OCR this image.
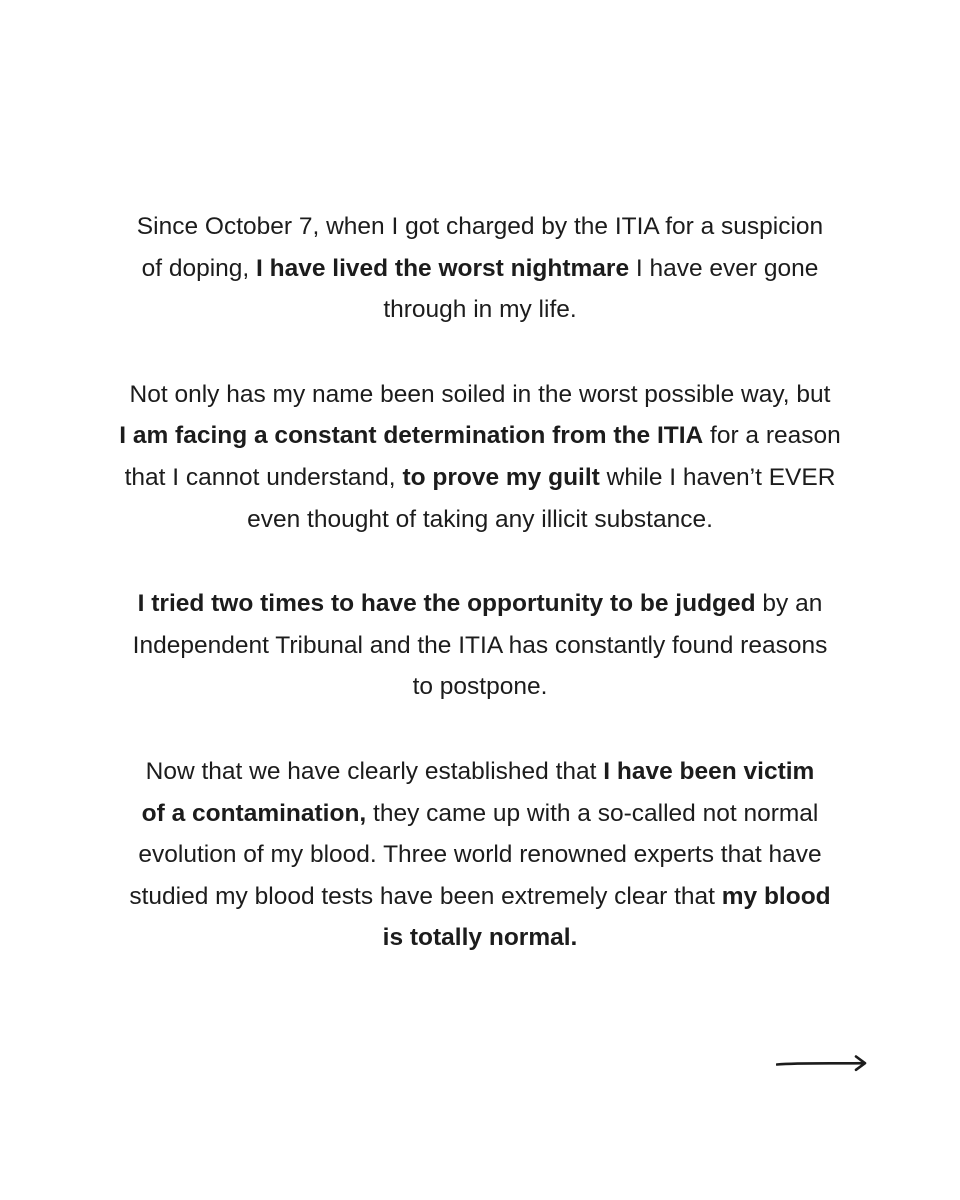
Since October 7, when I got charged by the ITIA for a suspicion
of doping, I have lived the worst nightmare I have ever gone
through in my life.

Not only has my name been soiled in the worst possible way, but
I am facing a constant determination from the ITIA for a reason
that I cannot understand, to prove my guilt while I haven’t EVER
even thought of taking any illicit substance.

I tried two times to have the opportunity to be judged by an
Independent Tribunal and the ITIA has constantly found reasons
to postpone.

Now that we have clearly established that I have been victim
of a contamination, they came up with a so-called not normal
evolution of my blood. Three world renowned experts that have
studied my blood tests have been extremely clear that my blood
is totally normal.
